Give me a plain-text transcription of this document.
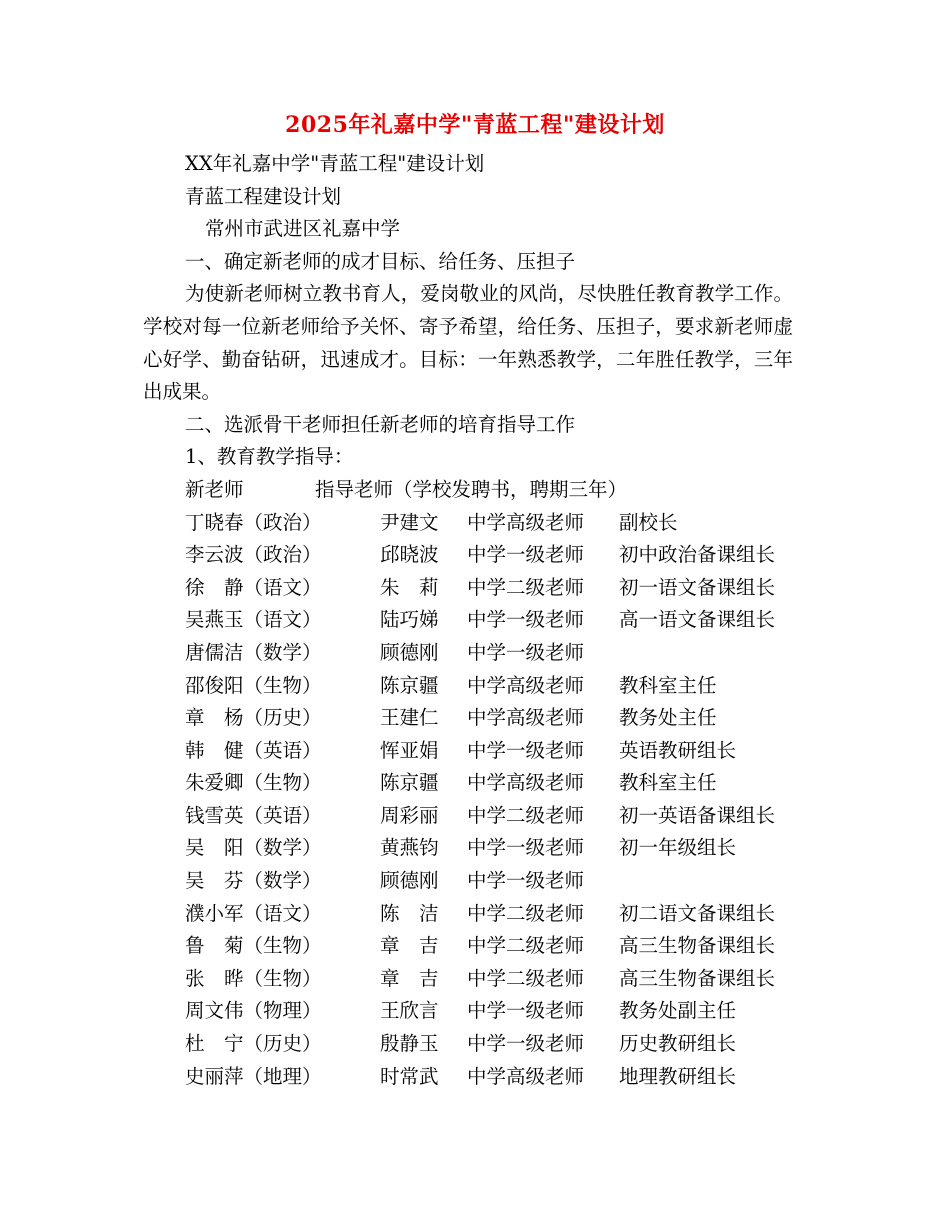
2025年礼嘉中学"青蓝工程"建设计划
XX年礼嘉中学"青蓝工程"建设计划
青蓝工程建设计划
常州市武进区礼嘉中学
一、确定新老师的成才目标、给任务、压担子
为使新老师树立教书育人，爱岗敬业的风尚，尽快胜任教育教学工作。学校对每一位新老师给予关怀、寄予希望，给任务、压担子，要求新老师虚心好学、勤奋钻研，迅速成才。目标：一年熟悉教学，二年胜任教学，三年出成果。
二、选派骨干老师担任新老师的培育指导工作
1、教育教学指导：
新老师	指导老师（学校发聘书，聘期三年）
丁晓春（政治）	尹建文	中学高级老师	副校长
李云波（政治）	邱晓波	中学一级老师	初中政治备课组长
徐　静（语文）	朱　莉	中学二级老师	初一语文备课组长
吴燕玉（语文）	陆巧娣	中学一级老师	高一语文备课组长
唐儒洁（数学）	顾德刚	中学一级老师
邵俊阳（生物）	陈京疆	中学高级老师	教科室主任
章　杨（历史）	王建仁	中学高级老师	教务处主任
韩　健（英语）	恽亚娟	中学一级老师	英语教研组长
朱爱卿（生物）	陈京疆	中学高级老师	教科室主任
钱雪英（英语）	周彩丽	中学二级老师	初一英语备课组长
吴　阳（数学）	黄燕钧	中学一级老师	初一年级组长
吴　芬（数学）	顾德刚	中学一级老师
濮小军（语文）	陈　洁	中学二级老师	初二语文备课组长
鲁　菊（生物）	章　吉	中学二级老师	高三生物备课组长
张　晔（生物）	章　吉	中学二级老师	高三生物备课组长
周文伟（物理）	王欣言	中学一级老师	教务处副主任
杜　宁（历史）	殷静玉	中学一级老师	历史教研组长
史丽萍（地理）	时常武	中学高级老师	地理教研组长
